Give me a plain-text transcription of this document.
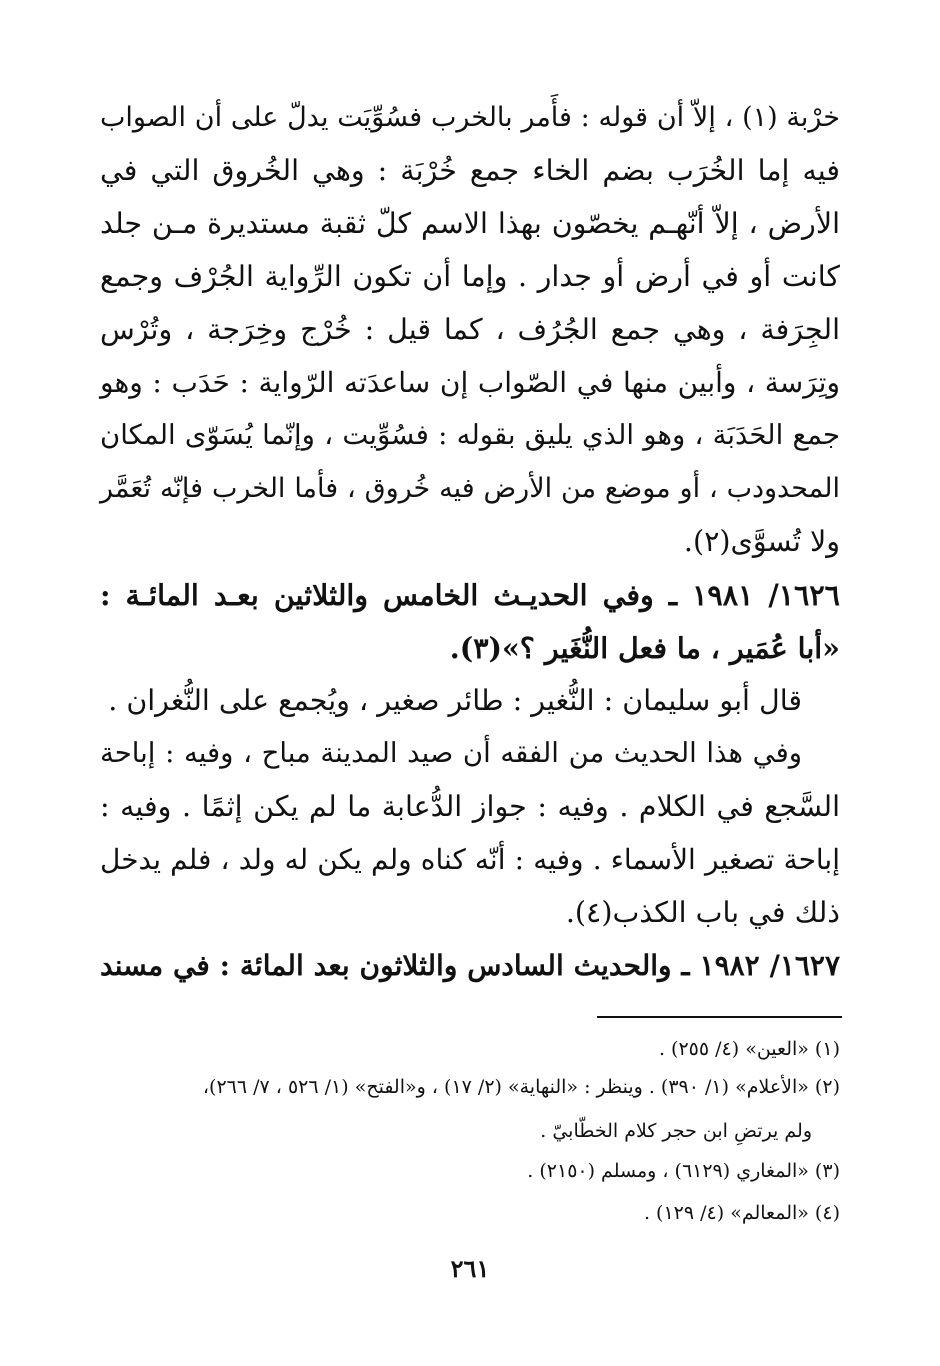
خرْبة (١) ، إلاّ أن قوله : فأَمر بالخرب فسُوِّيَت يدلّ على أن الصواب
فيه إما الخُرَب بضم الخاء جمع خُرْبَة : وهي الخُروق التي في
الأرض ، إلاّ أنّهـم يخصّون بهذا الاسم كلّ ثقبة مستديرة مـن جلد
كانت أو في أرض أو جدار . وإما أن تكون الرِّواية الجُرْف وجمع
الجِرَفة ، وهي جمع الجُرُف ، كما قيل : خُرْج وخِرَجة ، وتُرْس
وتِرَسة ، وأبين منها في الصّواب إن ساعدَته الرّواية : حَدَب : وهو
جمع الحَدَبَة ، وهو الذي يليق بقوله : فسُوِّيت ، وإنّما يُسَوّى المكان
المحدودب ، أو موضع من الأرض فيه خُروق ، فأما الخرب فإنّه تُعَمَّر
ولا تُسوَّى(٢).
١٦٢٦/ ١٩٨١ ـ وفي الحديـث الخامس والثلاثين بعـد المائـة :
«أبا عُمَير ، ما فعل النُّغَير ؟»(٣).
قال أبو سليمان : النُّغير : طائر صغير ، ويُجمع على النُّغران .
وفي هذا الحديث من الفقه أن صيد المدينة مباح ، وفيه : إباحة
السَّجع في الكلام . وفيه : جواز الدُّعابة ما لم يكن إثمًا . وفيه :
إباحة تصغير الأسماء . وفيه : أنّه كناه ولم يكن له ولد ، فلم يدخل
ذلك في باب الكذب(٤).
١٦٢٧/ ١٩٨٢ ـ والحديث السادس والثلاثون بعد المائة : في مسند
(١) «العين» (٤/ ٢٥٥) .
(٢) «الأعلام» (١/ ٣٩٠) . وينظر : «النهاية» (٢/ ١٧) ، و«الفتح» (١/ ٥٢٦ ، ٧/ ٢٦٦)،
ولم يرتضِ ابن حجر كلام الخطّابيّ .
(٣) «المغاري (٦١٢٩) ، ومسلم (٢١٥٠) .
(٤) «المعالم» (٤/ ١٢٩) .
٢٦١
